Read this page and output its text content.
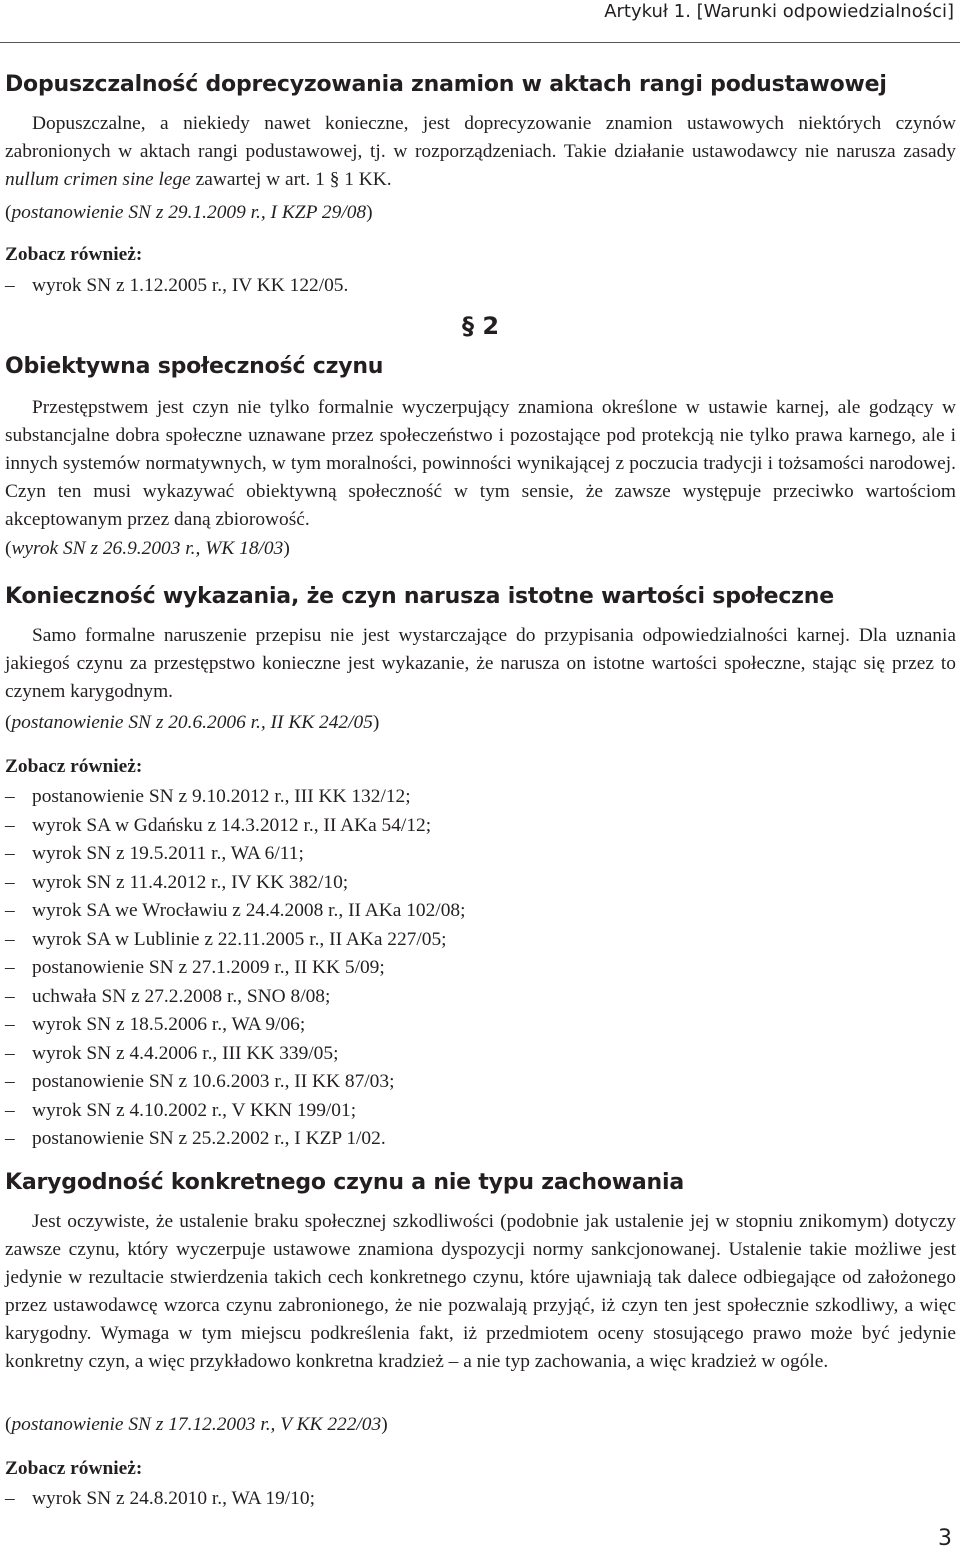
Artykuł 1. [Warunki odpowiedzialności]
Dopuszczalność doprecyzowania znamion w aktach rangi podustawowej
Dopuszczalne, a niekiedy nawet konieczne, jest doprecyzowanie znamion ustawowych niektórych czynów zabronionych w aktach rangi podustawowej, tj. w rozporządzeniach. Takie działanie ustawodawcy nie narusza zasady nullum crimen sine lege zawartej w art. 1 § 1 KK.
(postanowienie SN z 29.1.2009 r., I KZP 29/08)
Zobacz również:
– wyrok SN z 1.12.2005 r., IV KK 122/05.
§ 2
Obiektywna społeczność czynu
Przestępstwem jest czyn nie tylko formalnie wyczerpujący znamiona określone w ustawie karnej, ale godzący w substancjalne dobra społeczne uznawane przez społeczeństwo i pozostające pod protekcją nie tylko prawa karnego, ale i innych systemów normatywnych, w tym moralności, powinności wynikającej z poczucia tradycji i tożsamości narodowej. Czyn ten musi wykazywać obiektywną społeczność w tym sensie, że zawsze występuje przeciwko wartościom akceptowanym przez daną zbiorowość.
(wyrok SN z 26.9.2003 r., WK 18/03)
Konieczność wykazania, że czyn narusza istotne wartości społeczne
Samo formalne naruszenie przepisu nie jest wystarczające do przypisania odpowiedzialności karnej. Dla uznania jakiegoś czynu za przestępstwo konieczne jest wykazanie, że narusza on istotne wartości społeczne, stając się przez to czynem karygodnym.
(postanowienie SN z 20.6.2006 r., II KK 242/05)
Zobacz również:
– postanowienie SN z 9.10.2012 r., III KK 132/12;
– wyrok SA w Gdańsku z 14.3.2012 r., II AKa 54/12;
– wyrok SN z 19.5.2011 r., WA 6/11;
– wyrok SN z 11.4.2012 r., IV KK 382/10;
– wyrok SA we Wrocławiu z 24.4.2008 r., II AKa 102/08;
– wyrok SA w Lublinie z 22.11.2005 r., II AKa 227/05;
– postanowienie SN z 27.1.2009 r., II KK 5/09;
– uchwała SN z 27.2.2008 r., SNO 8/08;
– wyrok SN z 18.5.2006 r., WA 9/06;
– wyrok SN z 4.4.2006 r., III KK 339/05;
– postanowienie SN z 10.6.2003 r., II KK 87/03;
– wyrok SN z 4.10.2002 r., V KKN 199/01;
– postanowienie SN z 25.2.2002 r., I KZP 1/02.
Karygodność konkretnego czynu a nie typu zachowania
Jest oczywiste, że ustalenie braku społecznej szkodliwości (podobnie jak ustalenie jej w stopniu znikomym) dotyczy zawsze czynu, który wyczerpuje ustawowe znamiona dyspozycji normy sankcjonowanej. Ustalenie takie możliwe jest jedynie w rezultacie stwierdzenia takich cech konkretnego czynu, które ujawniają tak dalece odbiegające od założonego przez ustawodawcę wzorca czynu zabronionego, że nie pozwalają przyjąć, iż czyn ten jest społecznie szkodliwy, a więc karygodny. Wymaga w tym miejscu podkreślenia fakt, iż przedmiotem oceny stosującego prawo może być jedynie konkretny czyn, a więc przykładowo konkretna kradzież – a nie typ zachowania, a więc kradzież w ogóle.
(postanowienie SN z 17.12.2003 r., V KK 222/03)
Zobacz również:
– wyrok SN z 24.8.2010 r., WA 19/10;
3
